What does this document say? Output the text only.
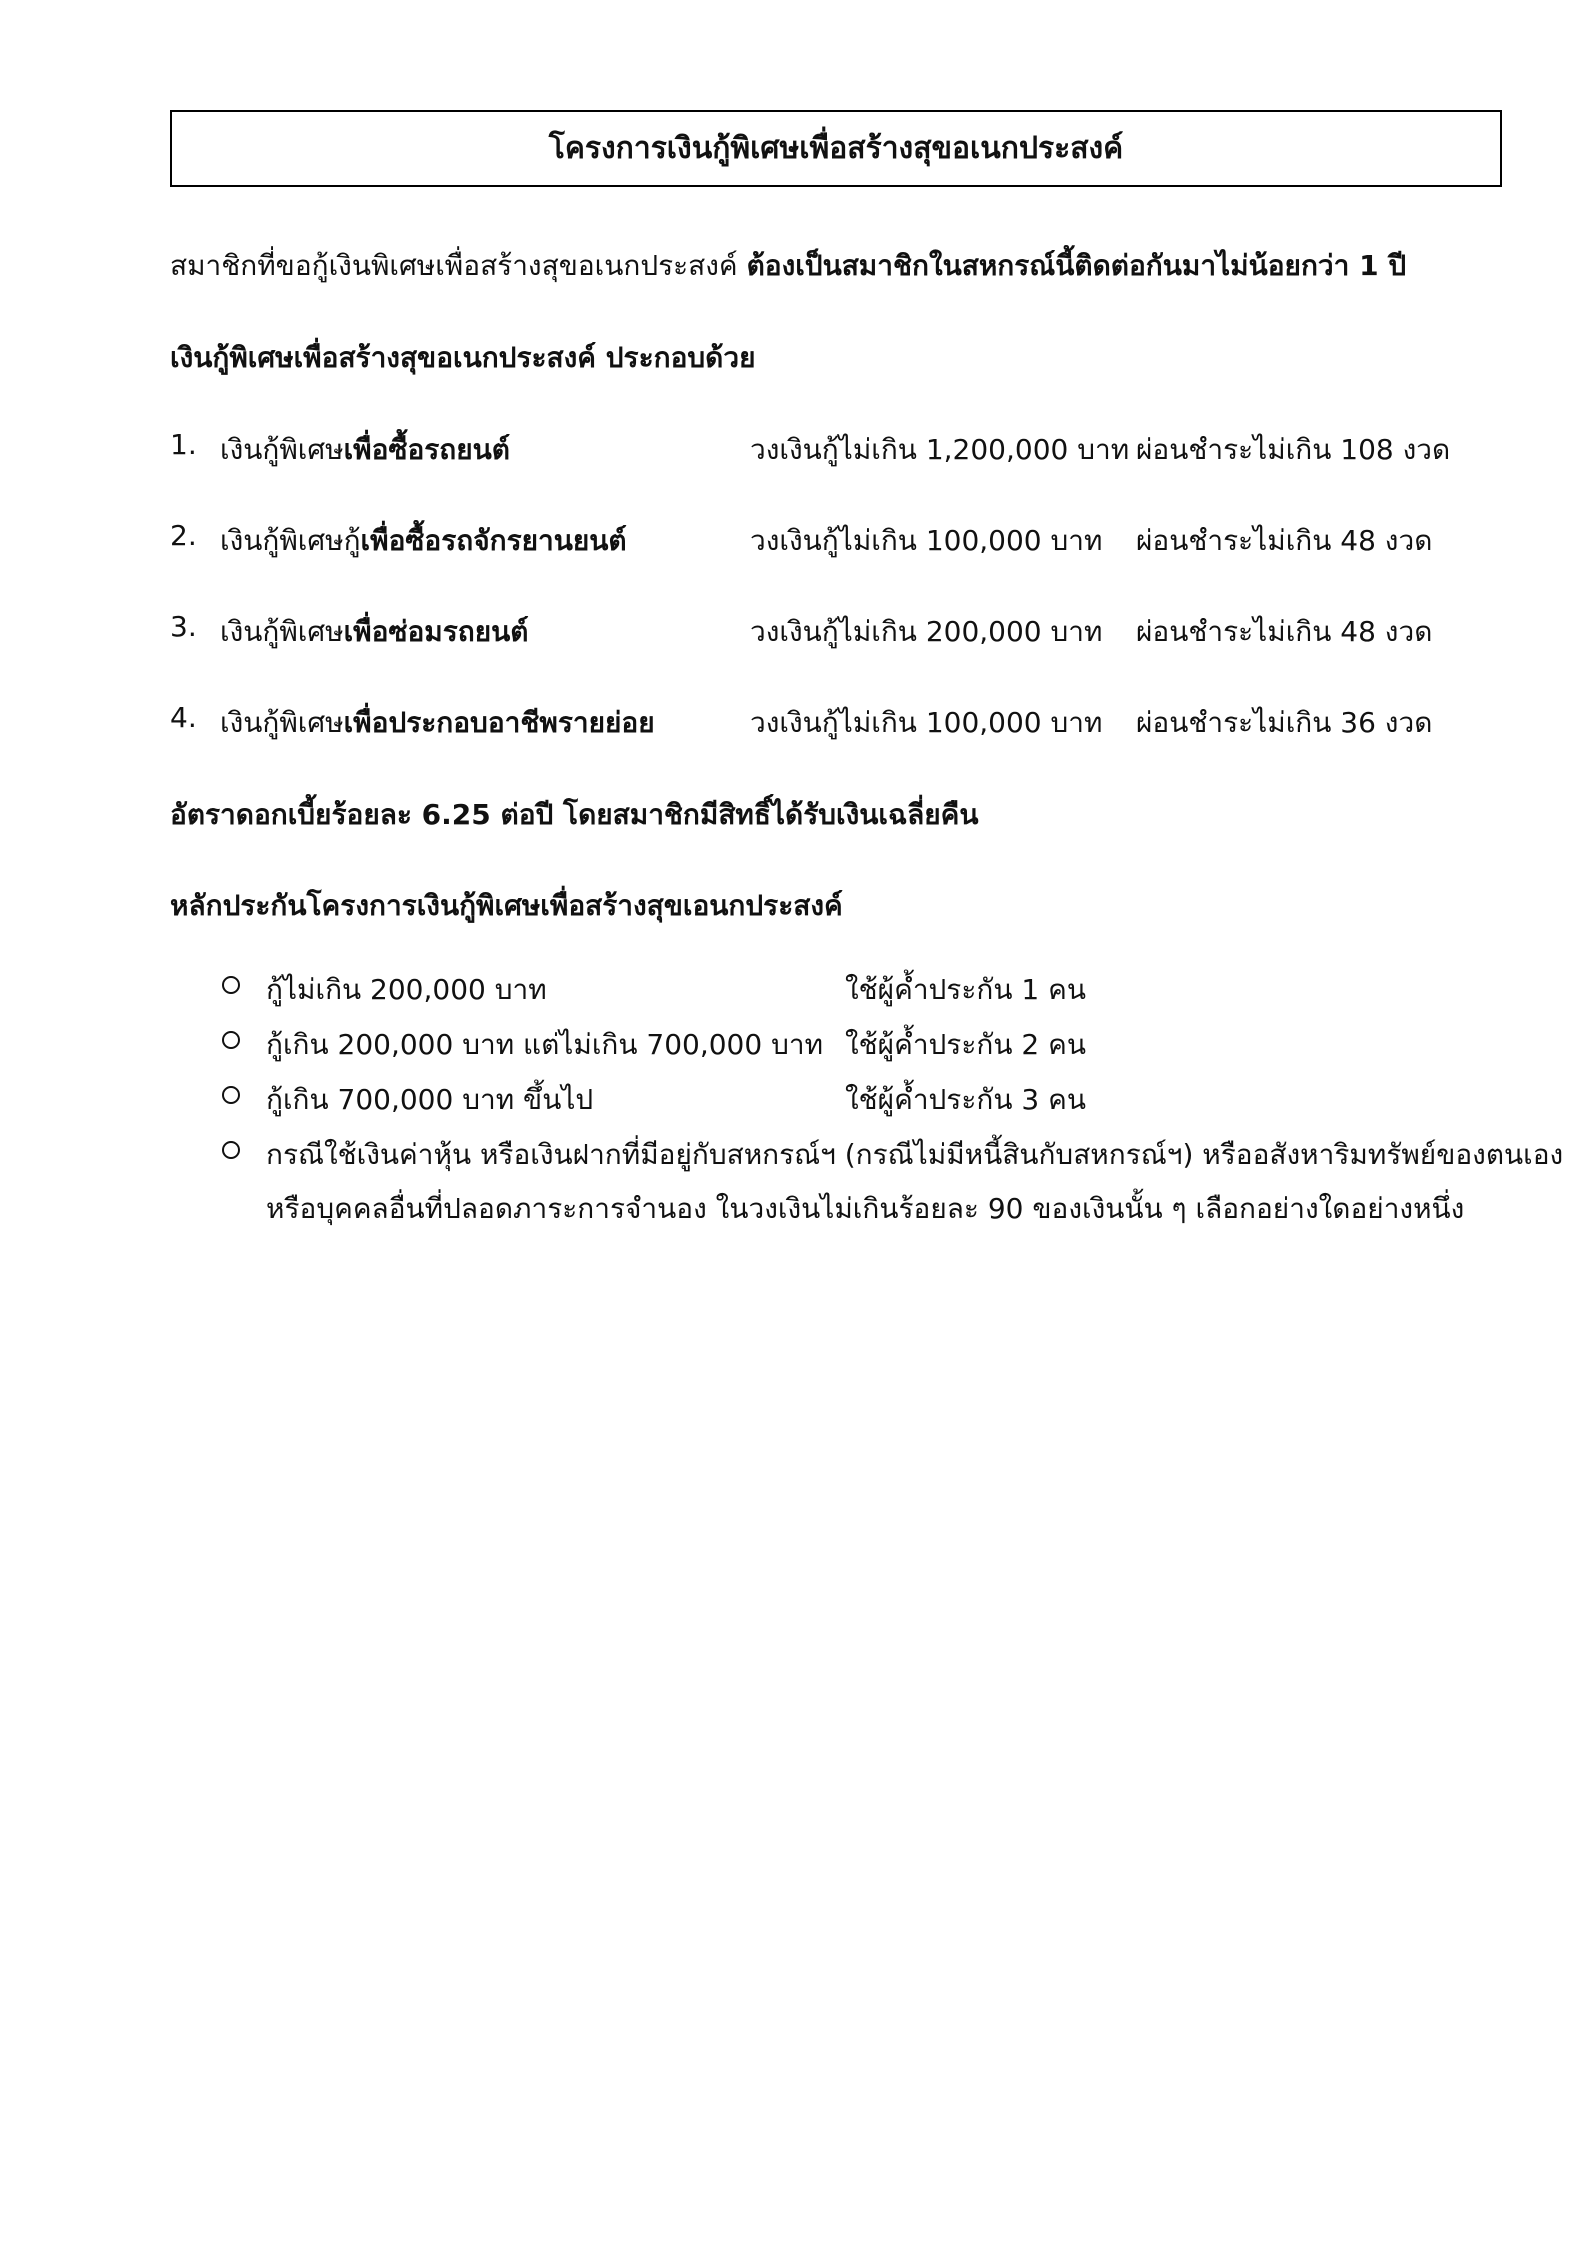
โครงการเงินกู้พิเศษเพื่อสร้างสุขอเนกประสงค์
สมาชิกที่ขอกู้เงินพิเศษเพื่อสร้างสุขอเนกประสงค์ ต้องเป็นสมาชิกในสหกรณ์นี้ติดต่อกันมาไม่น้อยกว่า 1 ปี
เงินกู้พิเศษเพื่อสร้างสุขอเนกประสงค์ ประกอบด้วย
1. เงินกู้พิเศษเพื่อซื้อรถยนต์	วงเงินกู้ไม่เกิน 1,200,000 บาท ผ่อนชำระไม่เกิน 108 งวด
2. เงินกู้พิเศษกู้เพื่อซื้อรถจักรยานยนต์	วงเงินกู้ไม่เกิน 100,000 บาท ผ่อนชำระไม่เกิน 48 งวด
3. เงินกู้พิเศษเพื่อซ่อมรถยนต์	วงเงินกู้ไม่เกิน 200,000 บาท ผ่อนชำระไม่เกิน 48 งวด
4. เงินกู้พิเศษเพื่อประกอบอาชีพรายย่อย	วงเงินกู้ไม่เกิน 100,000 บาท ผ่อนชำระไม่เกิน 36 งวด
อัตราดอกเบี้ยร้อยละ 6.25 ต่อปี โดยสมาชิกมีสิทธิ์ได้รับเงินเฉลี่ยคืน
หลักประกันโครงการเงินกู้พิเศษเพื่อสร้างสุขเอนกประสงค์
กู้ไม่เกิน 200,000 บาท	ใช้ผู้ค้ำประกัน 1 คน
กู้เกิน 200,000 บาท แต่ไม่เกิน 700,000 บาท ใช้ผู้ค้ำประกัน 2 คน
กู้เกิน 700,000 บาท ขึ้นไป	ใช้ผู้ค้ำประกัน 3 คน
กรณีใช้เงินค่าหุ้น หรือเงินฝากที่มีอยู่กับสหกรณ์ฯ (กรณีไม่มีหนี้สินกับสหกรณ์ฯ) หรืออสังหาริมทรัพย์ของตนเอง
หรือบุคคลอื่นที่ปลอดภาระการจำนอง ในวงเงินไม่เกินร้อยละ 90 ของเงินนั้น ๆ เลือกอย่างใดอย่างหนึ่ง
